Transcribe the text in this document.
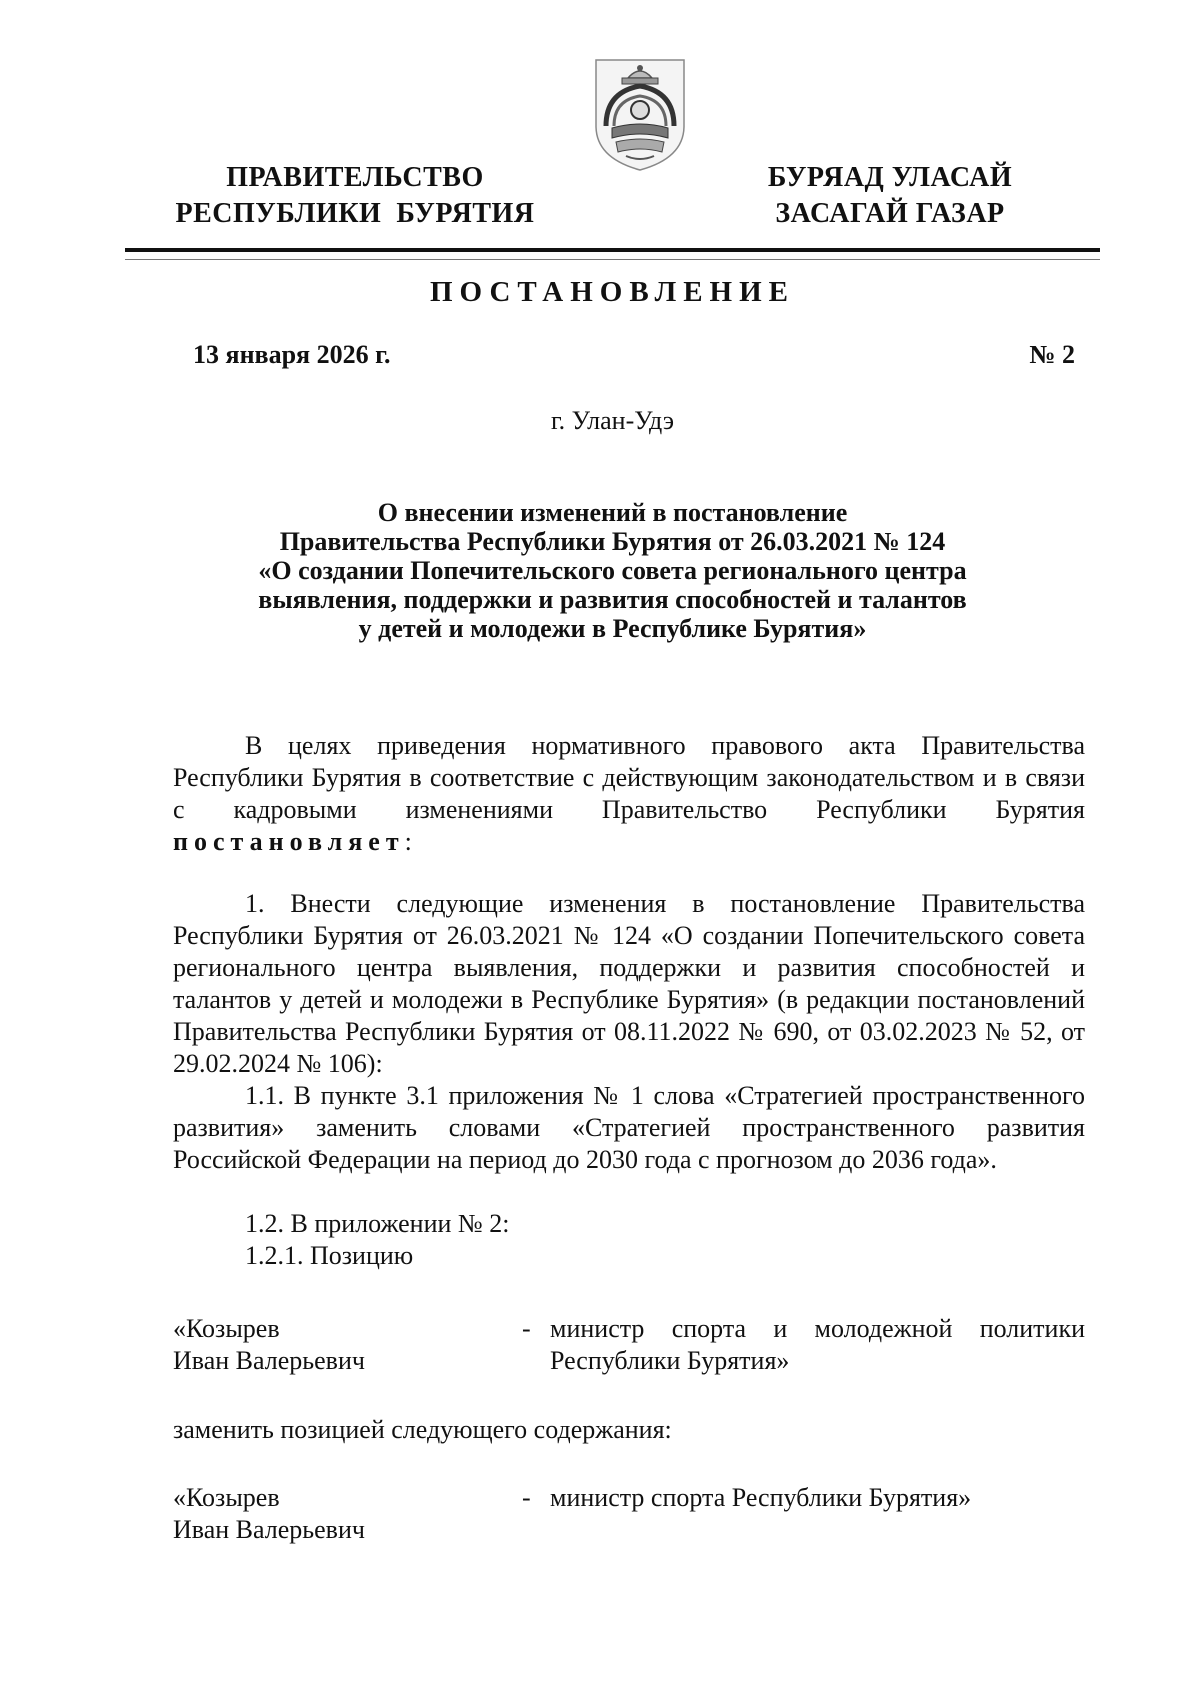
ПРАВИТЕЛЬСТВО
РЕСПУБЛИКИ  БУРЯТИЯ
БУРЯАД УЛАСАЙ
ЗАСАГАЙ ГАЗАР
ПОСТАНОВЛЕНИЕ
13 января 2026 г.	№ 2
г. Улан-Удэ
О внесении изменений в постановление
Правительства Республики Бурятия от 26.03.2021 № 124
«О создании Попечительского совета регионального центра
выявления, поддержки и развития способностей и талантов
у детей и молодежи в Республике Бурятия»
В целях приведения нормативного правового акта Правительства Республики Бурятия в соответствие с действующим законодательством и в связи с кадровыми изменениями Правительство Республики Бурятия постановляет:
1. Внести следующие изменения в постановление Правительства Республики Бурятия от 26.03.2021 № 124 «О создании Попечительского совета регионального центра выявления, поддержки и развития способностей и талантов у детей и молодежи в Республике Бурятия» (в редакции постановлений Правительства Республики Бурятия от 08.11.2022 № 690, от 03.02.2023 № 52, от 29.02.2024 № 106):
1.1. В пункте 3.1 приложения № 1 слова «Стратегией пространственного развития» заменить словами «Стратегией пространственного развития Российской Федерации на период до 2030 года с прогнозом до 2036 года».
1.2. В приложении № 2:
1.2.1. Позицию
«Козырев
Иван Валерьевич
- министр спорта и молодежной политики Республики Бурятия»
заменить позицией следующего содержания:
«Козырев
Иван Валерьевич
- министр спорта Республики Бурятия»
